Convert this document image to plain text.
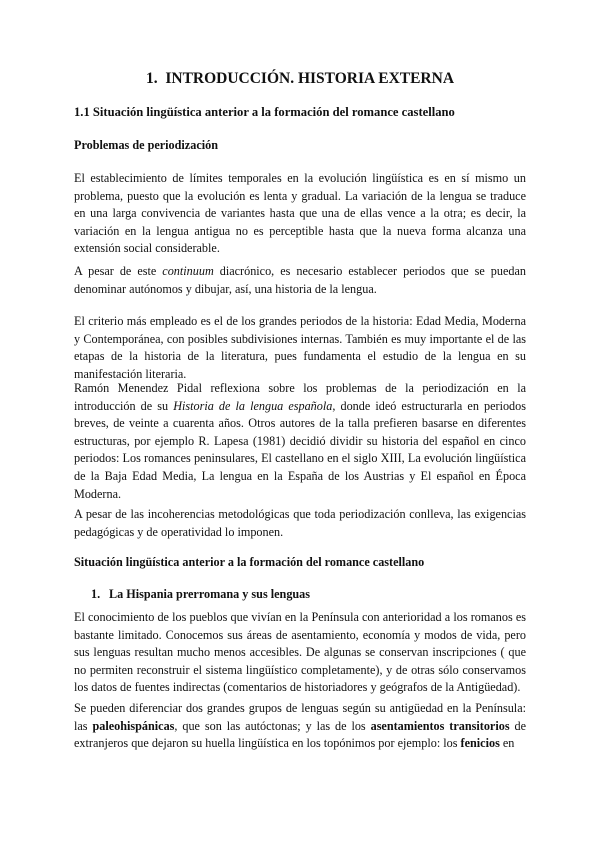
1. INTRODUCCIÓN. HISTORIA EXTERNA
1.1 Situación lingüística anterior a la formación del romance castellano
Problemas de periodización

El establecimiento de límites temporales en la evolución lingüística es en sí mismo un problema, puesto que la evolución es lenta y gradual. La variación de la lengua se traduce en una larga convivencia de variantes hasta que una de ellas vence a la otra; es decir, la variación en la lengua antigua no es perceptible hasta que la nueva forma alcanza una extensión social considerable.

A pesar de este continuum diacrónico, es necesario establecer periodos que se puedan denominar autónomos y dibujar, así, una historia de la lengua.

El criterio más empleado es el de los grandes periodos de la historia: Edad Media, Moderna y Contemporánea, con posibles subdivisiones internas. También es muy importante el de las etapas de la historia de la literatura, pues fundamenta el estudio de la lengua en su manifestación literaria.

Ramón Menendez Pidal reflexiona sobre los problemas de la periodización en la introducción de su Historia de la lengua española, donde ideó estructurarla en periodos breves, de veinte a cuarenta años. Otros autores de la talla prefieren basarse en diferentes estructuras, por ejemplo R. Lapesa (1981) decidió dividir su historia del español en cinco periodos: Los romances peninsulares, El castellano en el siglo XIII, La evolución lingüística de la Baja Edad Media, La lengua en la España de los Austrias y El español en Época Moderna.

A pesar de las incoherencias metodológicas que toda periodización conlleva, las exigencias pedagógicas y de operatividad lo imponen.

Situación lingüística anterior a la formación del romance castellano
1. La Hispania prerromana y sus lenguas

El conocimiento de los pueblos que vivían en la Península con anterioridad a los romanos es bastante limitado. Conocemos sus áreas de asentamiento, economía y modos de vida, pero sus lenguas resultan mucho menos accesibles. De algunas se conservan inscripciones ( que no permiten reconstruir el sistema lingüístico completamente), y de otras sólo conservamos los datos de fuentes indirectas (comentarios de historiadores y geógrafos de la Antigüedad).

Se pueden diferenciar dos grandes grupos de lenguas según su antigüedad en la Península: las paleohispánicas, que son las autóctonas; y las de los asentamientos transitorios de extranjeros que dejaron su huella lingüística en los topónimos por ejemplo: los fenicios en
